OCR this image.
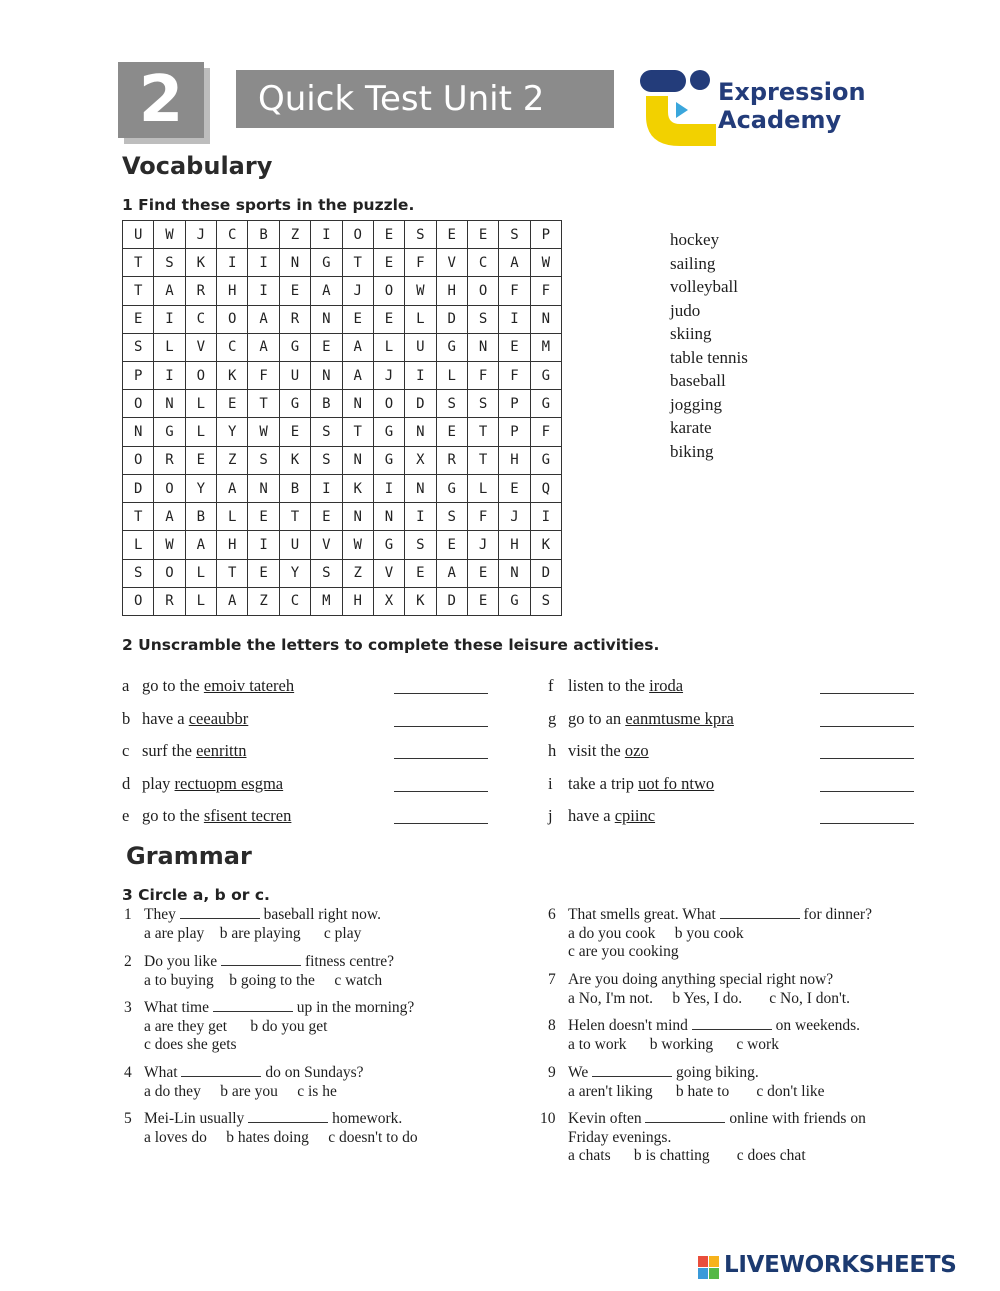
2	Quick Test Unit 2	Expression
Academy
Vocabulary
1 Find these sports in the puzzle.
U	W	J	C	B	Z	I	O	E	S	E	E	S	P
T	S	K	I	I	N	G	T	E	F	V	C	A	W
T	A	R	H	I	E	A	J	O	W	H	O	F	F
E	I	C	O	A	R	N	E	E	L	D	S	I	N
S	L	V	C	A	G	E	A	L	U	G	N	E	M
P	I	O	K	F	U	N	A	J	I	L	F	F	G
O	N	L	E	T	G	B	N	O	D	S	S	P	G
N	G	L	Y	W	E	S	T	G	N	E	T	P	F
O	R	E	Z	S	K	S	N	G	X	R	T	H	G
D	O	Y	A	N	B	I	K	I	N	G	L	E	Q
T	A	B	L	E	T	E	N	N	I	S	F	J	I
L	W	A	H	I	U	V	W	G	S	E	J	H	K
S	O	L	T	E	Y	S	Z	V	E	A	E	N	D
O	R	L	A	Z	C	M	H	X	K	D	E	G	S
hockey
sailing
volleyball
judo
skiing
table tennis
baseball
jogging
karate
biking
2 Unscramble the letters to complete these leisure activities.
a go to the emoiv tatereh
b have a ceeaubbr
c surf the eenrittn
d play rectuopm esgma
e go to the sfisent tecren
f listen to the iroda
g go to an eanmtusme kpra
h visit the ozo
i take a trip uot fo ntwo
j have a cpiinc
Grammar
3 Circle a, b or c.
1 They	baseball right now.
a are play b are playing c play
2 Do you like	fitness centre?
a to buying b going to the c watch
3 What time	up in the morning?
a are they get b do you get
c does she gets
4 What	do on Sundays?
a do they b are you c is he
5 Mei-Lin usually	homework.
a loves do b hates doing c doesn't to do
6 That smells great. What	for dinner?
a do you cook b you cook
c are you cooking
7 Are you doing anything special right now?
a No, I'm not. b Yes, I do. c No, I don't.
8 Helen doesn't mind	on weekends.
a to work b working c work
9 We	going biking.
a aren't liking b hate to c don't like
10 Kevin often	online with friends on
Friday evenings.
a chats b is chatting c does chat
LIVEWORKSHEETS
